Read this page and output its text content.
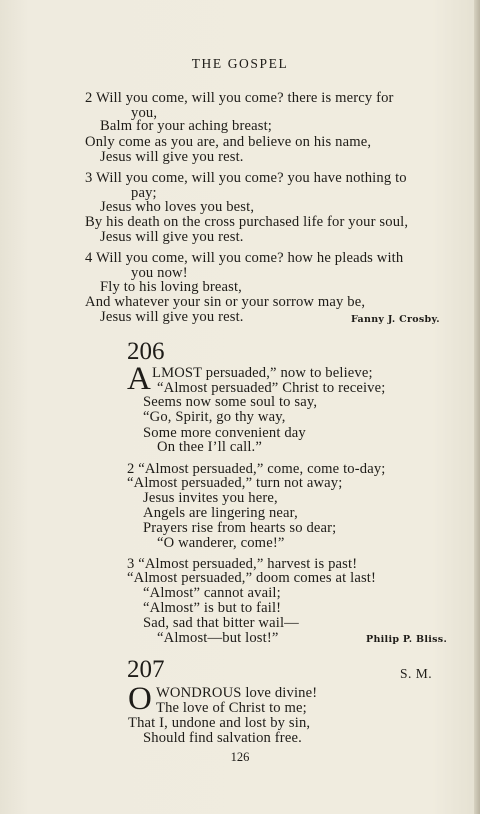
THE GOSPEL
2 Will you come, will you come? there is mercy for
you,
Balm for your aching breast;
Only come as you are, and believe on his name,
Jesus will give you rest.
3 Will you come, will you come? you have nothing to
pay;
Jesus who loves you best,
By his death on the cross purchased life for your soul,
Jesus will give you rest.
4 Will you come, will you come? how he pleads with
you now!
Fly to his loving breast,
And whatever your sin or your sorrow may be,
Jesus will give you rest.	Fanny J. Crosby.
206
A LMOST persuaded,” now to believe;
“Almost persuaded” Christ to receive;
Seems now some soul to say,
“Go, Spirit, go thy way,
Some more convenient day
On thee I’ll call.”
2 “Almost persuaded,” come, come to-day;
“Almost persuaded,” turn not away;
Jesus invites you here,
Angels are lingering near,
Prayers rise from hearts so dear;
“O wanderer, come!”
3 “Almost persuaded,” harvest is past!
“Almost persuaded,” doom comes at last!
“Almost” cannot avail;
“Almost” is but to fail!
Sad, sad that bitter wail—
“Almost—but lost!”	Philip P. Bliss.
207	S. M.
O WONDROUS love divine!
The love of Christ to me;
That I, undone and lost by sin,
Should find salvation free.
126
